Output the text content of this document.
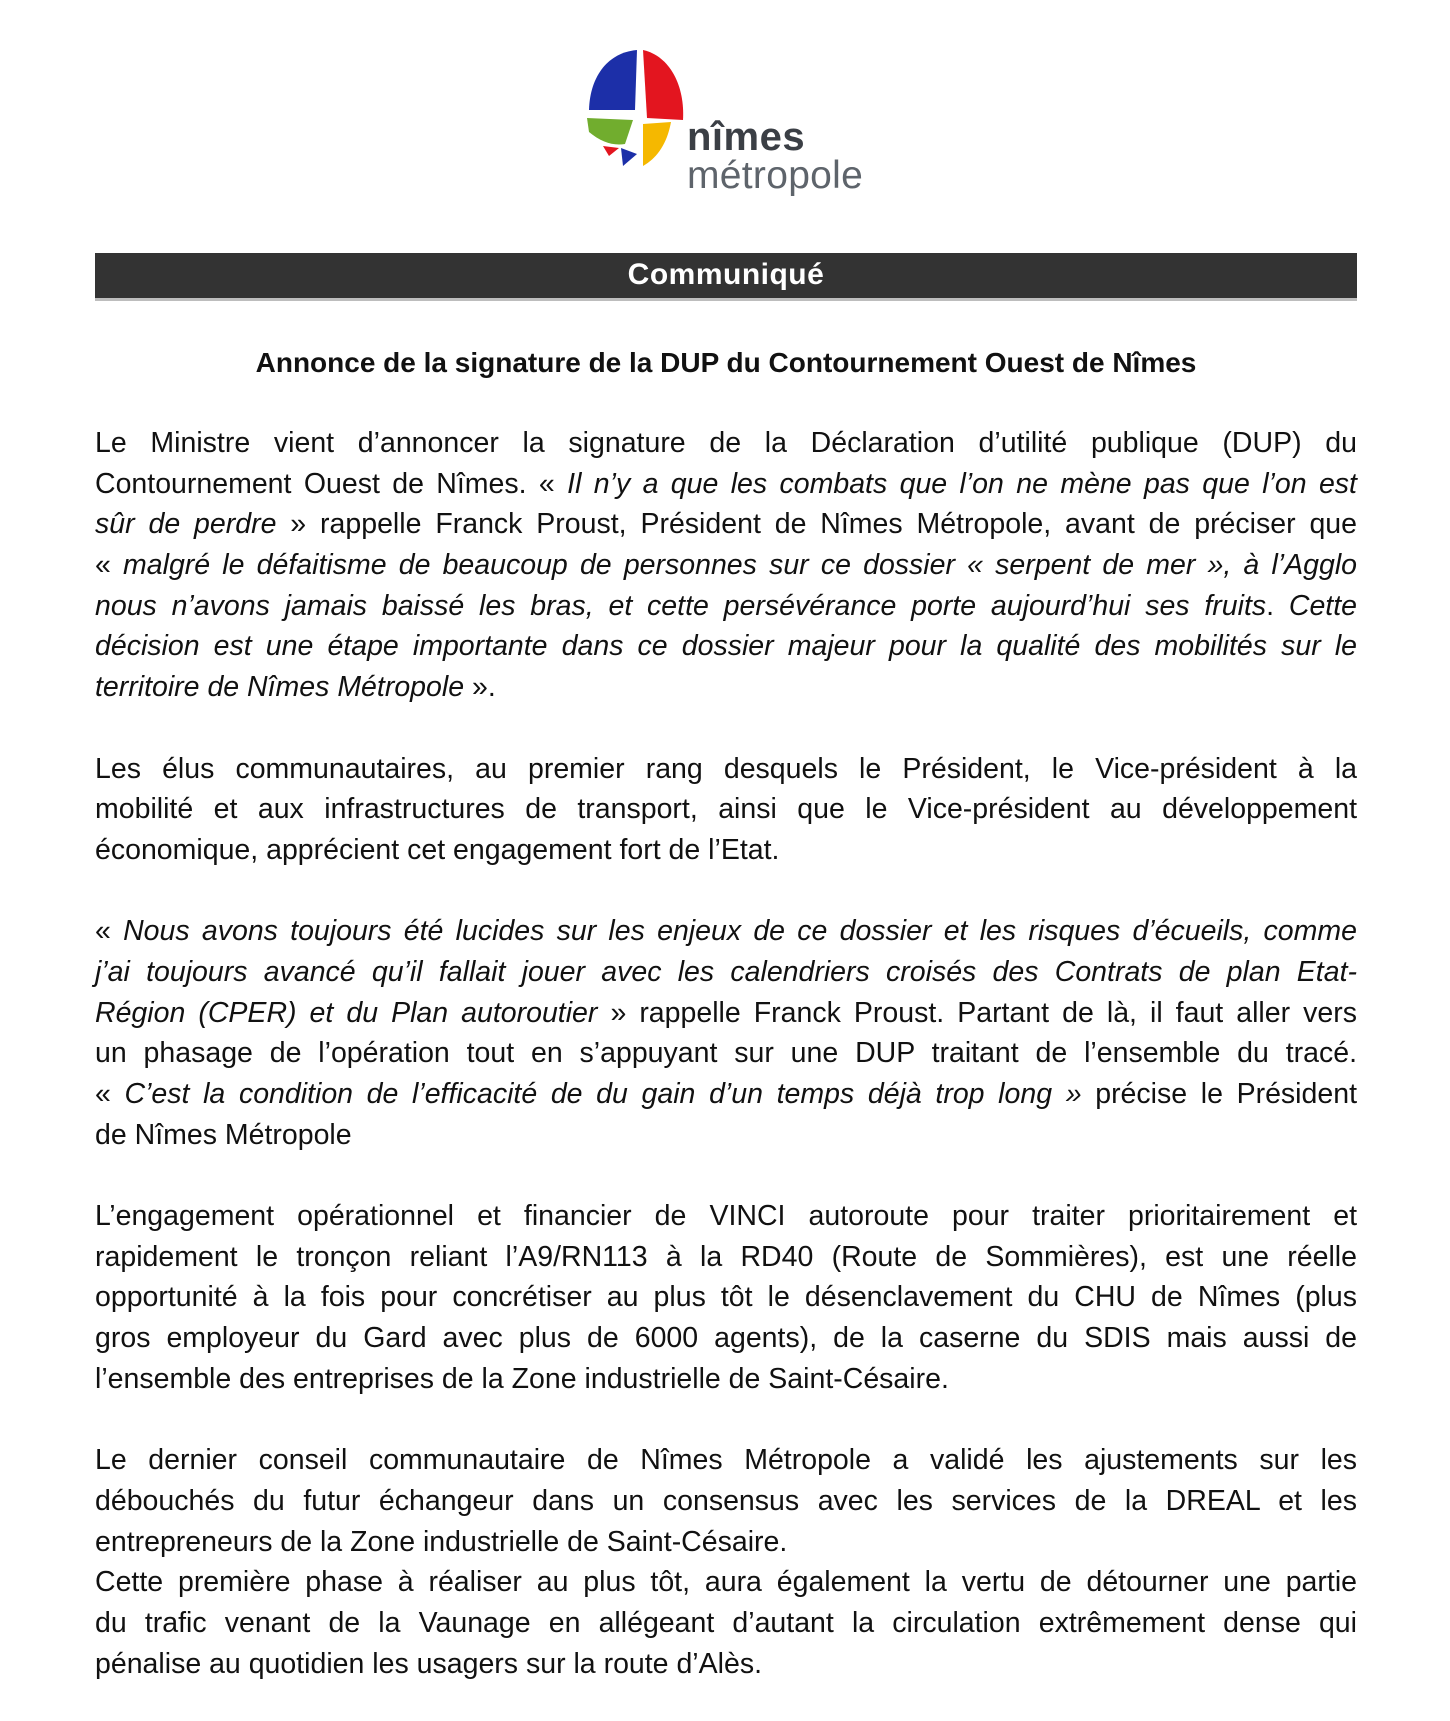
nîmes
métropole
Communiqué
Annonce de la signature de la DUP du Contournement Ouest de Nîmes
Le Ministre vient d’annoncer la signature de la Déclaration d’utilité publique (DUP) du
Contournement Ouest de Nîmes. « Il n’y a que les combats que l’on ne mène pas que l’on est
sûr de perdre » rappelle Franck Proust, Président de Nîmes Métropole, avant de préciser que
« malgré le défaitisme de beaucoup de personnes sur ce dossier « serpent de mer », à l’Agglo
nous n’avons jamais baissé les bras, et cette persévérance porte aujourd’hui ses fruits. Cette
décision est une étape importante dans ce dossier majeur pour la qualité des mobilités sur le
territoire de Nîmes Métropole ».
Les élus communautaires, au premier rang desquels le Président, le Vice-président à la
mobilité et aux infrastructures de transport, ainsi que le Vice-président au développement
économique, apprécient cet engagement fort de l’Etat.
« Nous avons toujours été lucides sur les enjeux de ce dossier et les risques d’écueils, comme
j’ai toujours avancé qu’il fallait jouer avec les calendriers croisés des Contrats de plan Etat-
Région (CPER) et du Plan autoroutier » rappelle Franck Proust. Partant de là, il faut aller vers
un phasage de l’opération tout en s’appuyant sur une DUP traitant de l’ensemble du tracé.
« C’est la condition de l’efficacité de du gain d’un temps déjà trop long » précise le Président
de Nîmes Métropole
L’engagement opérationnel et financier de VINCI autoroute pour traiter prioritairement et
rapidement le tronçon reliant l’A9/RN113 à la RD40 (Route de Sommières), est une réelle
opportunité à la fois pour concrétiser au plus tôt le désenclavement du CHU de Nîmes (plus
gros employeur du Gard avec plus de 6000 agents), de la caserne du SDIS mais aussi de
l’ensemble des entreprises de la Zone industrielle de Saint-Césaire.
Le dernier conseil communautaire de Nîmes Métropole a validé les ajustements sur les
débouchés du futur échangeur dans un consensus avec les services de la DREAL et les
entrepreneurs de la Zone industrielle de Saint-Césaire.
Cette première phase à réaliser au plus tôt, aura également la vertu de détourner une partie
du trafic venant de la Vaunage en allégeant d’autant la circulation extrêmement dense qui
pénalise au quotidien les usagers sur la route d’Alès.
